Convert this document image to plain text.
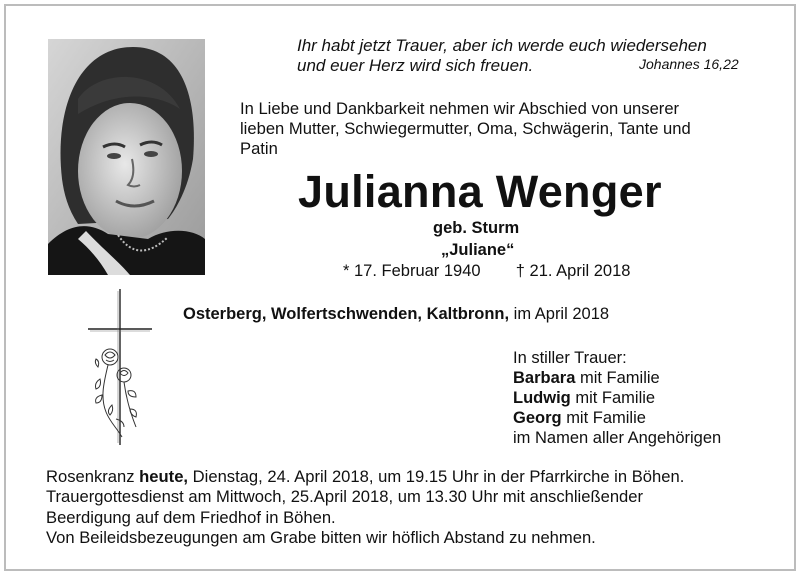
Ihr habt jetzt Trauer, aber ich werde euch wiedersehen
und euer Herz wird sich freuen.	Johannes 16,22
In Liebe und Dankbarkeit nehmen wir Abschied von unserer
lieben Mutter, Schwiegermutter, Oma, Schwägerin, Tante und
Patin
Julianna Wenger
geb. Sturm
„Juliane“
* 17. Februar 1940 † 21. April 2018
Osterberg, Wolfertschwenden, Kaltbronn, im April 2018
In stiller Trauer:
Barbara mit Familie
Ludwig mit Familie
Georg mit Familie
im Namen aller Angehörigen
Rosenkranz heute, Dienstag, 24. April 2018, um 19.15 Uhr in der Pfarrkirche in Böhen.
Trauergottesdienst am Mittwoch, 25.April 2018, um 13.30 Uhr mit anschließender
Beerdigung auf dem Friedhof in Böhen.
Von Beileidsbezeugungen am Grabe bitten wir höflich Abstand zu nehmen.
